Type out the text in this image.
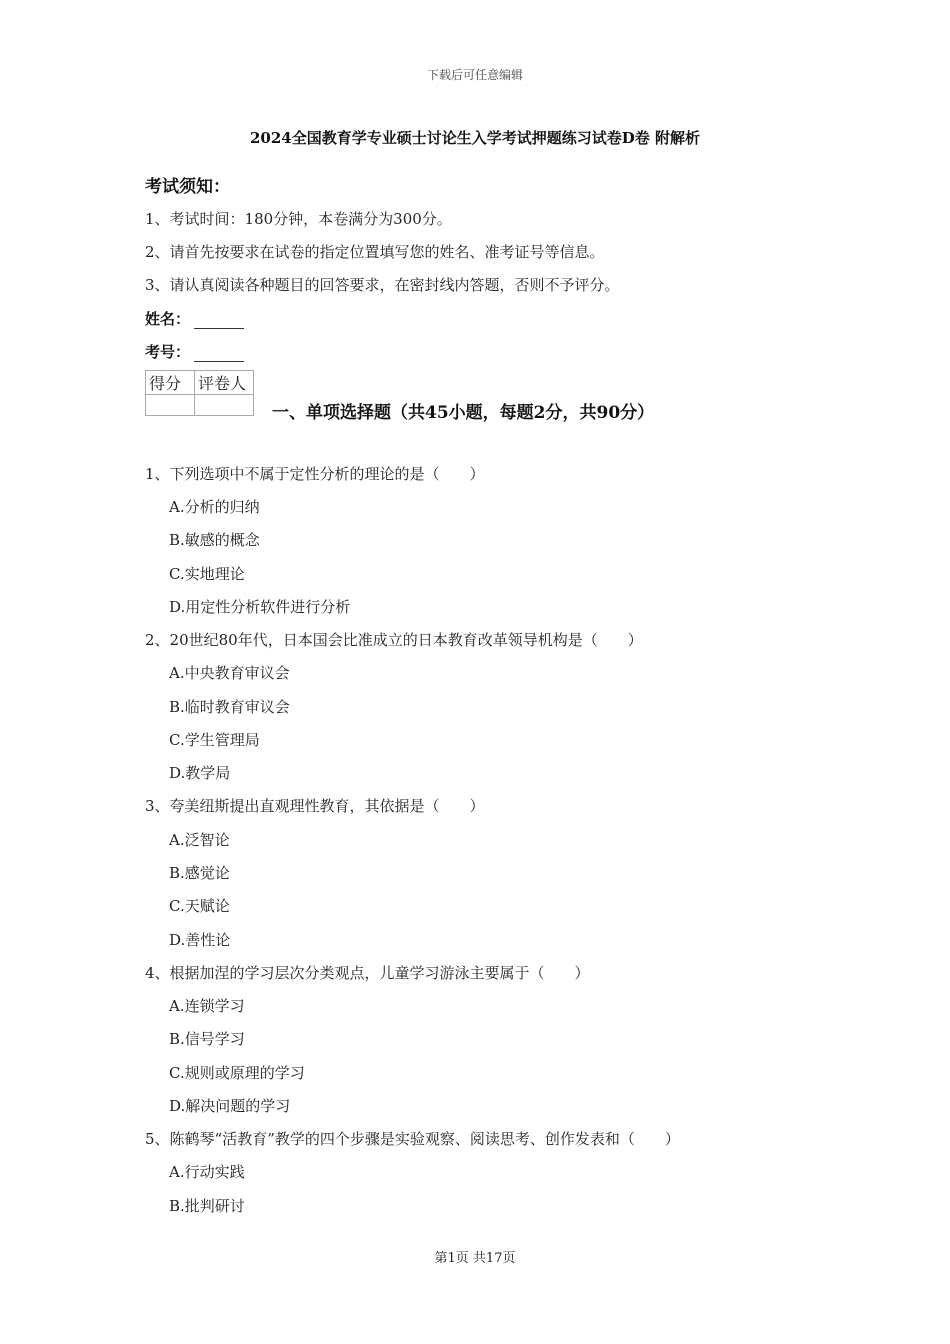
下载后可任意编辑
2024全国教育学专业硕士讨论生入学考试押题练习试卷D卷 附解析
考试须知：
1、考试时间：180分钟，本卷满分为300分。
2、请首先按要求在试卷的指定位置填写您的姓名、准考证号等信息。
3、请认真阅读各种题目的回答要求，在密封线内答题，否则不予评分。
姓名：
考号：
得分	评卷人

一、单项选择题（共45小题，每题2分，共90分）
1、下列选项中不属于定性分析的理论的是（　　）
A.分析的归纳
B.敏感的概念
C.实地理论
D.用定性分析软件进行分析
2、20世纪80年代，日本国会比准成立的日本教育改革领导机构是（　　）
A.中央教育审议会
B.临时教育审议会
C.学生管理局
D.教学局
3、夸美纽斯提出直观理性教育，其依据是（　　）
A.泛智论
B.感觉论
C.天赋论
D.善性论
4、根据加涅的学习层次分类观点，儿童学习游泳主要属于（　　）
A.连锁学习
B.信号学习
C.规则或原理的学习
D.解决问题的学习
5、陈鹤琴“活教育”教学的四个步骤是实验观察、阅读思考、创作发表和（　　）
A.行动实践
B.批判研讨
第1页 共17页
